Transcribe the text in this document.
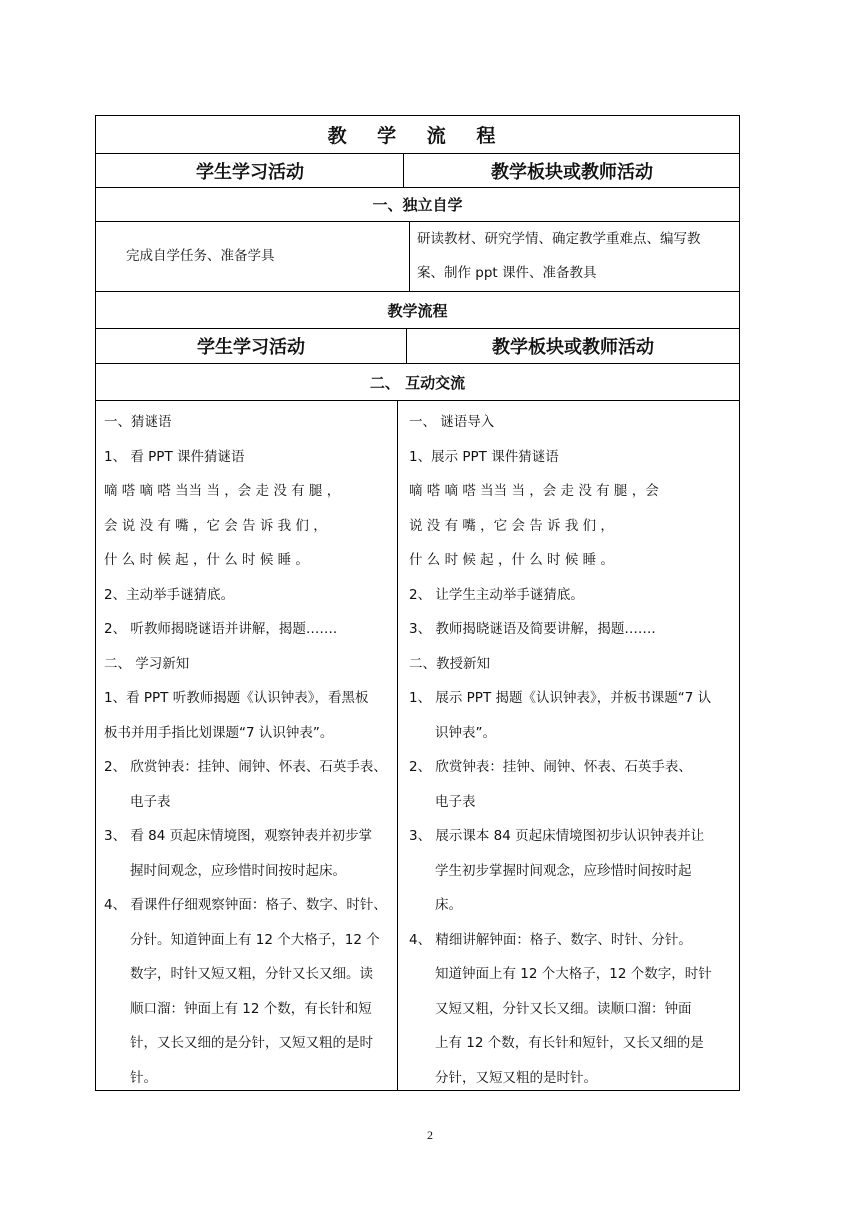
教 学 流 程
学生学习活动	教学板块或教师活动
一、独立自学
完成自学任务、准备学具
研读教材、研究学情、确定教学重难点、编写教
案、制作 ppt 课件、准备教具
教学流程
学生学习活动	教学板块或教师活动
二、 互动交流
一、猜谜语
1、 看 PPT 课件猜谜语
嘀 嗒 嘀 嗒 当当 当 ，会 走 没 有 腿 ，
会 说 没 有 嘴 ，它 会 告 诉 我 们 ，
什 么 时 候 起 ，什 么 时 候 睡 。
2、主动举手谜猜底。
2、 听教师揭晓谜语并讲解，揭题…….
二、 学习新知
1、看 PPT 听教师揭题《认识钟表》，看黑板
板书并用手指比划课题“7 认识钟表”。
2、 欣赏钟表：挂钟、闹钟、怀表、石英手表、
电子表
3、 看 84 页起床情境图，观察钟表并初步掌
握时间观念，应珍惜时间按时起床。
4、 看课件仔细观察钟面：格子、数字、时针、
分针。知道钟面上有 12 个大格子，12 个
数字，时针又短又粗，分针又长又细。读
顺口溜：钟面上有 12 个数，有长针和短
针，又长又细的是分针，又短又粗的是时
针。
一、 谜语导入
1、展示 PPT 课件猜谜语
嘀 嗒 嘀 嗒 当当 当 ，会 走 没 有 腿 ，会
说 没 有 嘴 ，它 会 告 诉 我 们 ，
什 么 时 候 起 ，什 么 时 候 睡 。
2、 让学生主动举手谜猜底。
3、 教师揭晓谜语及简要讲解，揭题…….
二、教授新知
1、 展示 PPT 揭题《认识钟表》，并板书课题“7 认
识钟表”。
2、 欣赏钟表：挂钟、闹钟、怀表、石英手表、
电子表
3、 展示课本 84 页起床情境图初步认识钟表并让
学生初步掌握时间观念，应珍惜时间按时起
床。
4、 精细讲解钟面：格子、数字、时针、分针。
知道钟面上有 12 个大格子，12 个数字，时针
又短又粗，分针又长又细。读顺口溜：钟面
上有 12 个数，有长针和短针，又长又细的是
分针，又短又粗的是时针。
2
